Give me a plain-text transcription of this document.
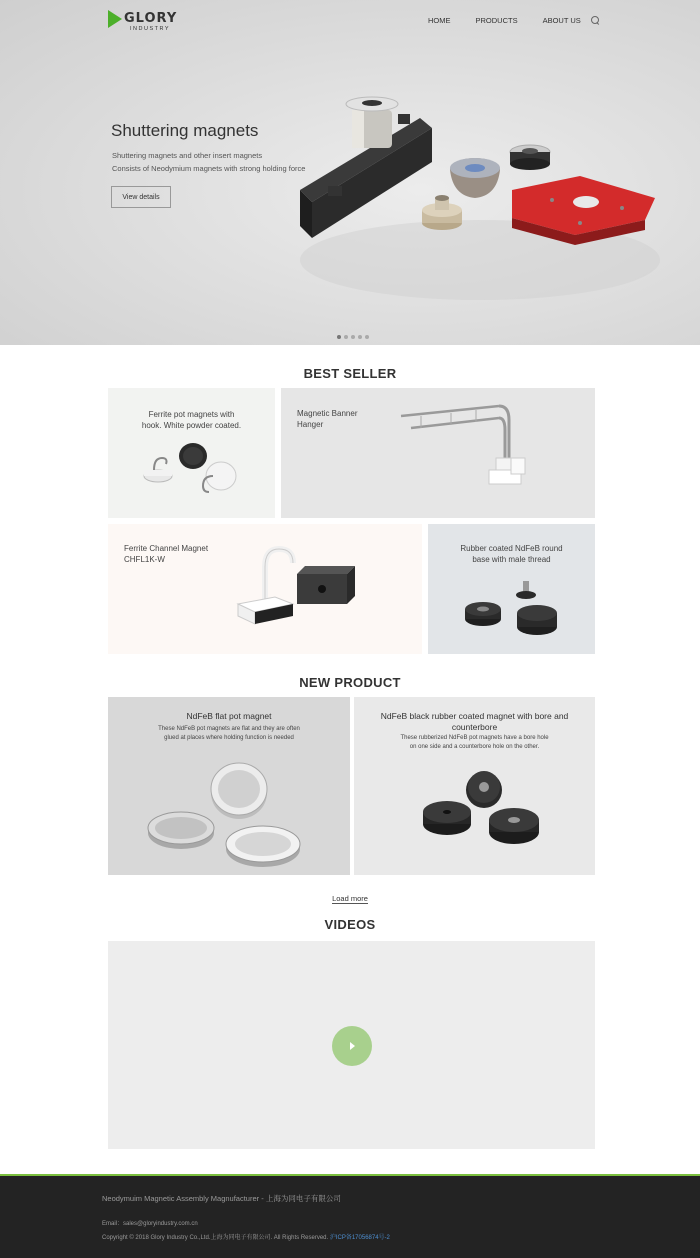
GLORY
INDUSTRY
HOME	PRODUCTS	ABOUT US
Shuttering magnets
Shuttering magnets and other insert magnets
Consists of Neodymium magnets with strong holding force
View details
BEST SELLER
Ferrite pot magnets with
hook. White powder coated.
Magnetic Banner
Hanger
Ferrite Channel Magnet
CHFL1K-W
Rubber coated NdFeB round
base with male thread
NEW PRODUCT
NdFeB flat pot magnet
These NdFeB pot magnets are flat and they are often
glued at places where holding function is needed
NdFeB black rubber coated magnet with bore and
counterbore
These rubberized NdFeB pot magnets have a bore hole
on one side and a counterbore hole on the other.
Load more
VIDEOS
Neodymuim Magnetic Assembly Magnufacturer - 上海为同电子有限公司
Email：sales@gloryindustry.com.cn
Copyright © 2018 Glory Industry Co.,Ltd.上海为同电子有限公司. All Rights Reserved. 沪ICP备17056874号-2
